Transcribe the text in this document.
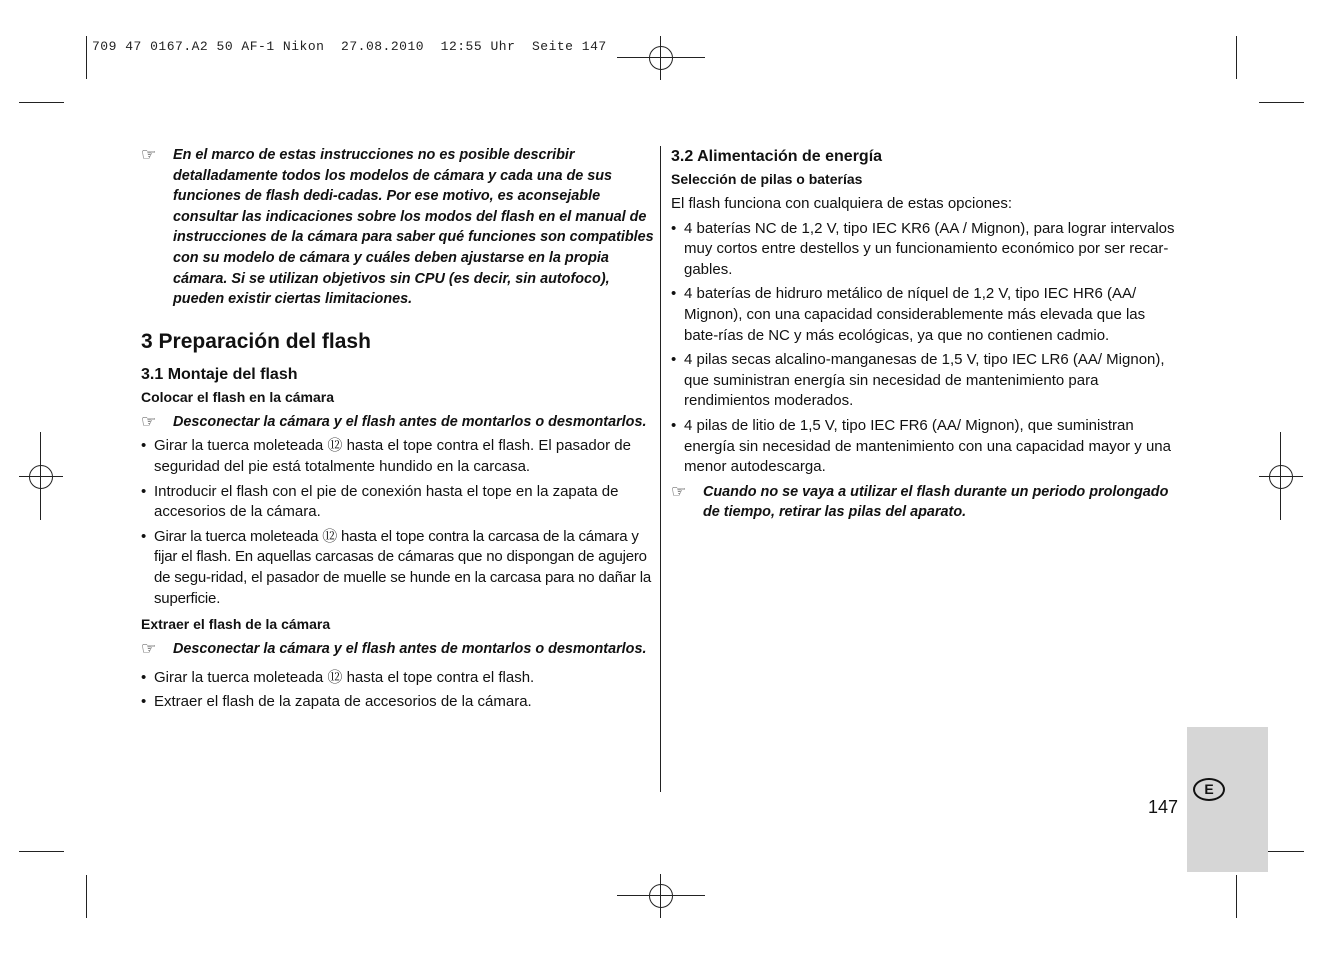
709 47 0167.A2 50 AF-1 Nikon  27.08.2010  12:55 Uhr  Seite 147
☞ En el marco de estas instrucciones no es posible describir detalladamente todos los modelos de cámara y cada una de sus funciones de flash dedi-cadas. Por ese motivo, es aconsejable consultar las indicaciones sobre los modos del flash en el manual de instrucciones de la cámara para saber qué funciones son compatibles con su modelo de cámara y cuáles deben ajustarse en la propia cámara. Si se utilizan objetivos sin CPU (es decir, sin autofoco), pueden existir ciertas limitaciones.
3 Preparación del flash
3.1 Montaje del flash
Colocar el flash en la cámara
☞ Desconectar la cámara y el flash antes de montarlos o desmontarlos.
• Girar la tuerca moleteada ⑫ hasta el tope contra el flash. El pasador de seguridad del pie está totalmente hundido en la carcasa.
• Introducir el flash con el pie de conexión hasta el tope en la zapata de accesorios de la cámara.
• Girar la tuerca moleteada ⑫ hasta el tope contra la carcasa de la cámara y fijar el flash. En aquellas carcasas de cámaras que no dispongan de agujero de segu-ridad, el pasador de muelle se hunde en la carcasa para no dañar la superficie.
Extraer el flash de la cámara
☞ Desconectar la cámara y el flash antes de montarlos o desmontarlos.
• Girar la tuerca moleteada ⑫ hasta el tope contra el flash.
• Extraer el flash de la zapata de accesorios de la cámara.
3.2 Alimentación de energía
Selección de pilas o baterías
El flash funciona con cualquiera de estas opciones:
• 4 baterías NC de 1,2 V, tipo IEC KR6 (AA / Mignon), para lograr intervalos muy cortos entre destellos y un funcionamiento económico por ser recar-gables.
• 4 baterías de hidruro metálico de níquel de 1,2 V, tipo IEC HR6 (AA/ Mignon), con una capacidad considerablemente más elevada que las bate-rías de NC y más ecológicas, ya que no contienen cadmio.
• 4 pilas secas alcalino-manganesas de 1,5 V, tipo IEC LR6 (AA/ Mignon), que suministran energía sin necesidad de mantenimiento para rendimientos moderados.
• 4 pilas de litio de 1,5 V, tipo IEC FR6 (AA/ Mignon), que suministran energía sin necesidad de mantenimiento con una capacidad mayor y una menor autodescarga.
☞ Cuando no se vaya a utilizar el flash durante un periodo prolongado de tiempo, retirar las pilas del aparato.
E
147
